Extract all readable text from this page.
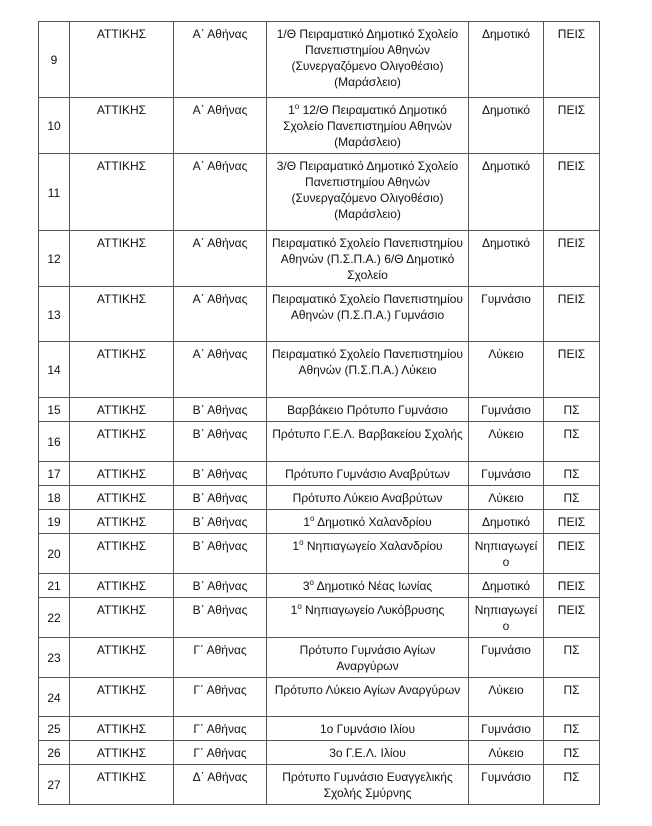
9	ΑΤΤΙΚΗΣ	Α΄ Αθήνας	1/Θ Πειραματικό Δημοτικό Σχολείο Πανεπιστημίου Αθηνών (Συνεργαζόμενο Ολιγοθέσιο) (Μαράσλειο)	Δημοτικό	ΠΕΙΣ
10	ΑΤΤΙΚΗΣ	Α΄ Αθήνας	$1^o$ 12/Θ Πειραματικό Δημοτικό Σχολείο Πανεπιστημίου Αθηνών (Μαράσλειο)	Δημοτικό	ΠΕΙΣ
11	ΑΤΤΙΚΗΣ	Α΄ Αθήνας	3/Θ Πειραματικό Δημοτικό Σχολείο Πανεπιστημίου Αθηνών (Συνεργαζόμενο Ολιγοθέσιο) (Μαράσλειο)	Δημοτικό	ΠΕΙΣ
12	ΑΤΤΙΚΗΣ	Α΄ Αθήνας	Πειραματικό Σχολείο Πανεπιστημίου Αθηνών (Π.Σ.Π.Α.) 6/Θ Δημοτικό Σχολείο	Δημοτικό	ΠΕΙΣ
13	ΑΤΤΙΚΗΣ	Α΄ Αθήνας	Πειραματικό Σχολείο Πανεπιστημίου Αθηνών (Π.Σ.Π.Α.) Γυμνάσιο	Γυμνάσιο	ΠΕΙΣ
14	ΑΤΤΙΚΗΣ	Α΄ Αθήνας	Πειραματικό Σχολείο Πανεπιστημίου Αθηνών (Π.Σ.Π.Α.) Λύκειο	Λύκειο	ΠΕΙΣ
15	ΑΤΤΙΚΗΣ	Β΄ Αθήνας	Βαρβάκειο Πρότυπο Γυμνάσιο	Γυμνάσιο	ΠΣ
16	ΑΤΤΙΚΗΣ	Β΄ Αθήνας	Πρότυπο Γ.Ε.Λ. Βαρβακείου Σχολής	Λύκειο	ΠΣ
17	ΑΤΤΙΚΗΣ	Β΄ Αθήνας	Πρότυπο Γυμνάσιο Αναβρύτων	Γυμνάσιο	ΠΣ
18	ΑΤΤΙΚΗΣ	Β΄ Αθήνας	Πρότυπο Λύκειο Αναβρύτων	Λύκειο	ΠΣ
19	ΑΤΤΙΚΗΣ	Β΄ Αθήνας	$1^o$ Δημοτικό Χαλανδρίου	Δημοτικό	ΠΕΙΣ
20	ΑΤΤΙΚΗΣ	Β΄ Αθήνας	$1^o$ Νηπιαγωγείο Χαλανδρίου	Νηπιαγωγεί ο	ΠΕΙΣ
21	ΑΤΤΙΚΗΣ	Β΄ Αθήνας	$3^o$ Δημοτικό Νέας Ιωνίας	Δημοτικό	ΠΕΙΣ
22	ΑΤΤΙΚΗΣ	Β΄ Αθήνας	$1^o$ Νηπιαγωγείο Λυκόβρυσης	Νηπιαγωγεί ο	ΠΕΙΣ
23	ΑΤΤΙΚΗΣ	Γ΄ Αθήνας	Πρότυπο Γυμνάσιο Αγίων Αναργύρων	Γυμνάσιο	ΠΣ
24	ΑΤΤΙΚΗΣ	Γ΄ Αθήνας	Πρότυπο Λύκειο Αγίων Αναργύρων	Λύκειο	ΠΣ
25	ΑΤΤΙΚΗΣ	Γ΄ Αθήνας	1ο Γυμνάσιο Ιλίου	Γυμνάσιο	ΠΣ
26	ΑΤΤΙΚΗΣ	Γ΄ Αθήνας	3ο Γ.Ε.Λ. Ιλίου	Λύκειο	ΠΣ
27	ΑΤΤΙΚΗΣ	Δ΄ Αθήνας	Πρότυπο Γυμνάσιο Ευαγγελικής Σχολής Σμύρνης	Γυμνάσιο	ΠΣ
